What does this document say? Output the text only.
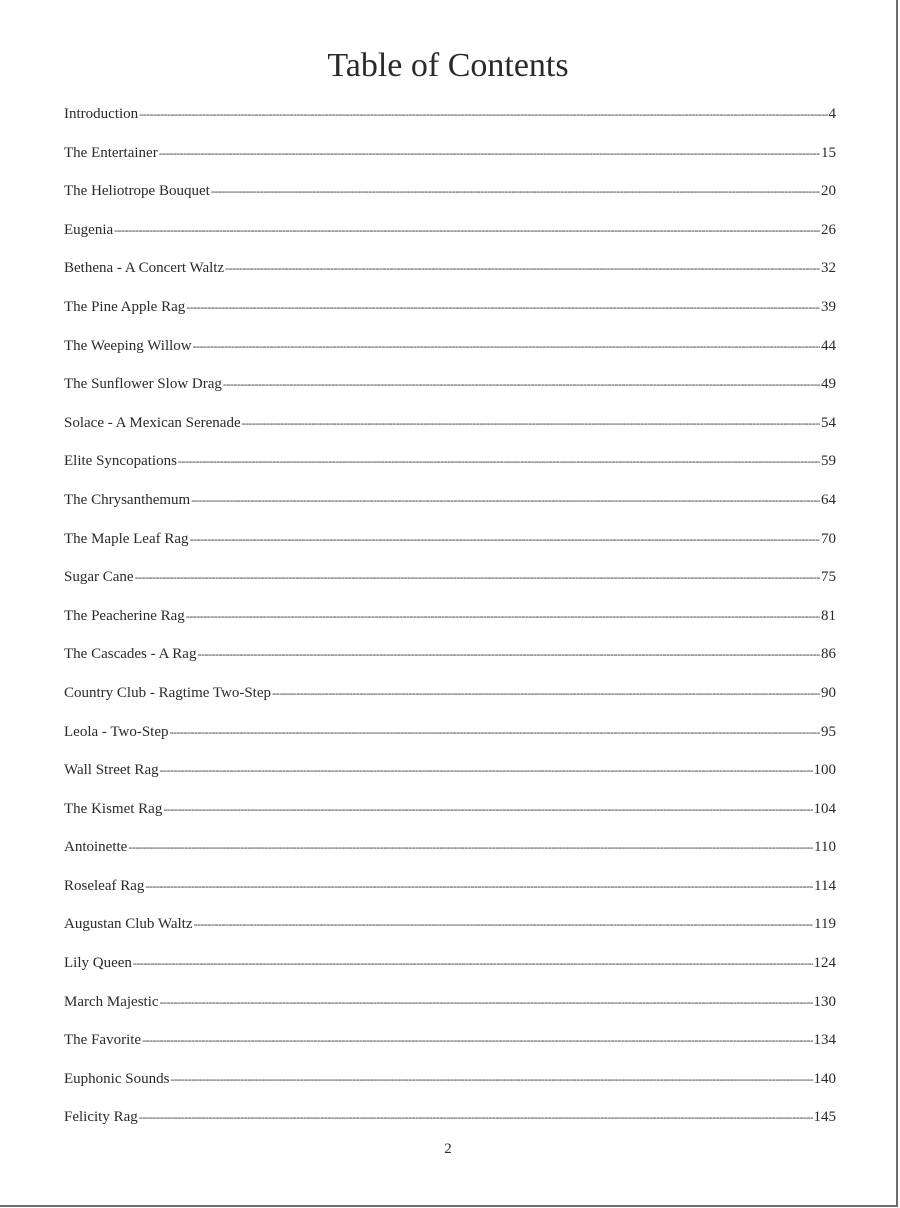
Table of Contents
Introduction -----	4
The Entertainer -----	15
The Heliotrope Bouquet -----	20
Eugenia -----	26
Bethena - A Concert Waltz -----	32
The Pine Apple Rag -----	39
The Weeping Willow -----	44
The Sunflower Slow Drag -----	49
Solace - A Mexican Serenade -----	54
Elite Syncopations -----	59
The Chrysanthemum -----	64
The Maple Leaf Rag -----	70
Sugar Cane -----	75
The Peacherine Rag -----	81
The Cascades - A Rag -----	86
Country Club - Ragtime Two-Step -----	90
Leola - Two-Step -----	95
Wall Street Rag -----	100
The Kismet Rag -----	104
Antoinette -----	110
Roseleaf Rag -----	114
Augustan Club Waltz -----	119
Lily Queen -----	124
March Majestic -----	130
The Favorite -----	134
Euphonic Sounds -----	140
Felicity Rag -----	145
2
